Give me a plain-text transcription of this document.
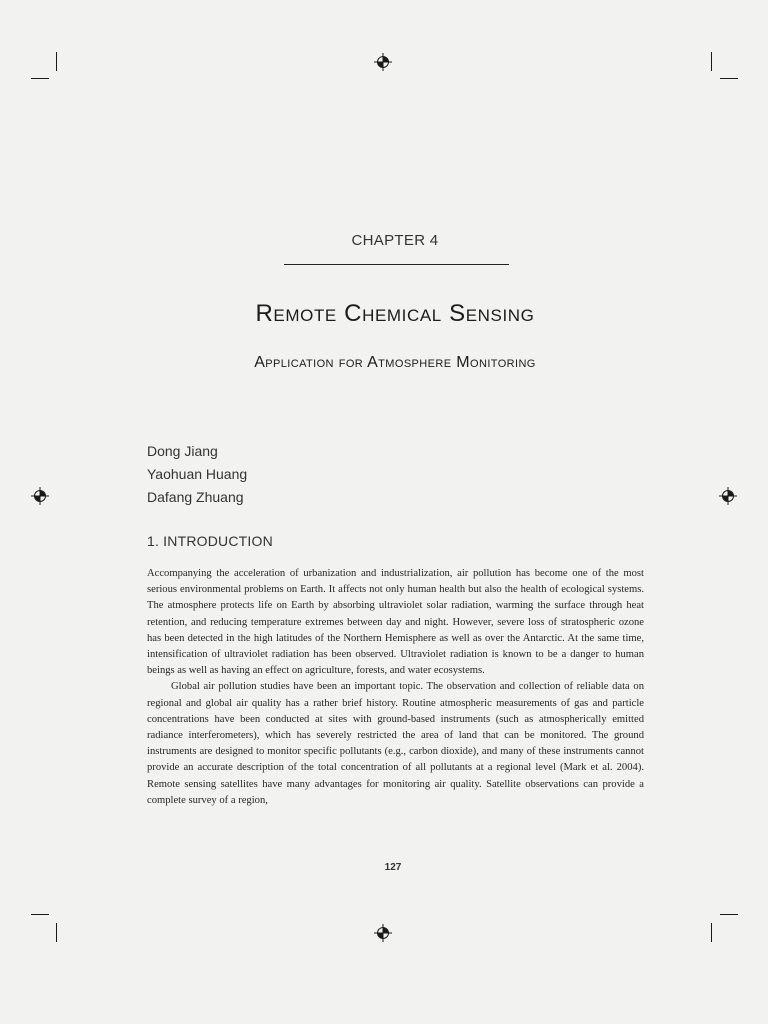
CHAPTER 4
Remote Chemical Sensing
Application for Atmosphere Monitoring
Dong Jiang
Yaohuan Huang
Dafang Zhuang
1. INTRODUCTION

Accompanying the acceleration of urbanization and industrialization, air pollution has become one of the most serious environmental problems on Earth. It affects not only human health but also the health of ecological systems. The atmosphere protects life on Earth by absorbing ultraviolet solar radiation, warming the surface through heat retention, and reducing temperature extremes between day and night. However, severe loss of stratospheric ozone has been detected in the high latitudes of the Northern Hemisphere as well as over the Antarctic. At the same time, intensification of ultraviolet radiation has been observed. Ultraviolet radiation is known to be a danger to human beings as well as having an effect on agriculture, forests, and water ecosystems.

Global air pollution studies have been an important topic. The observation and collection of reliable data on regional and global air quality has a rather brief history. Routine atmospheric measurements of gas and particle concentrations have been conducted at sites with ground-based instruments (such as atmospherically emitted radiance interferometers), which has severely restricted the area of land that can be monitored. The ground instruments are designed to monitor specific pollutants (e.g., carbon dioxide), and many of these instruments cannot provide an accurate description of the total concentration of all pollutants at a regional level (Mark et al. 2004). Remote sensing satellites have many advantages for monitoring air quality. Satellite observations can provide a complete survey of a region,

127
